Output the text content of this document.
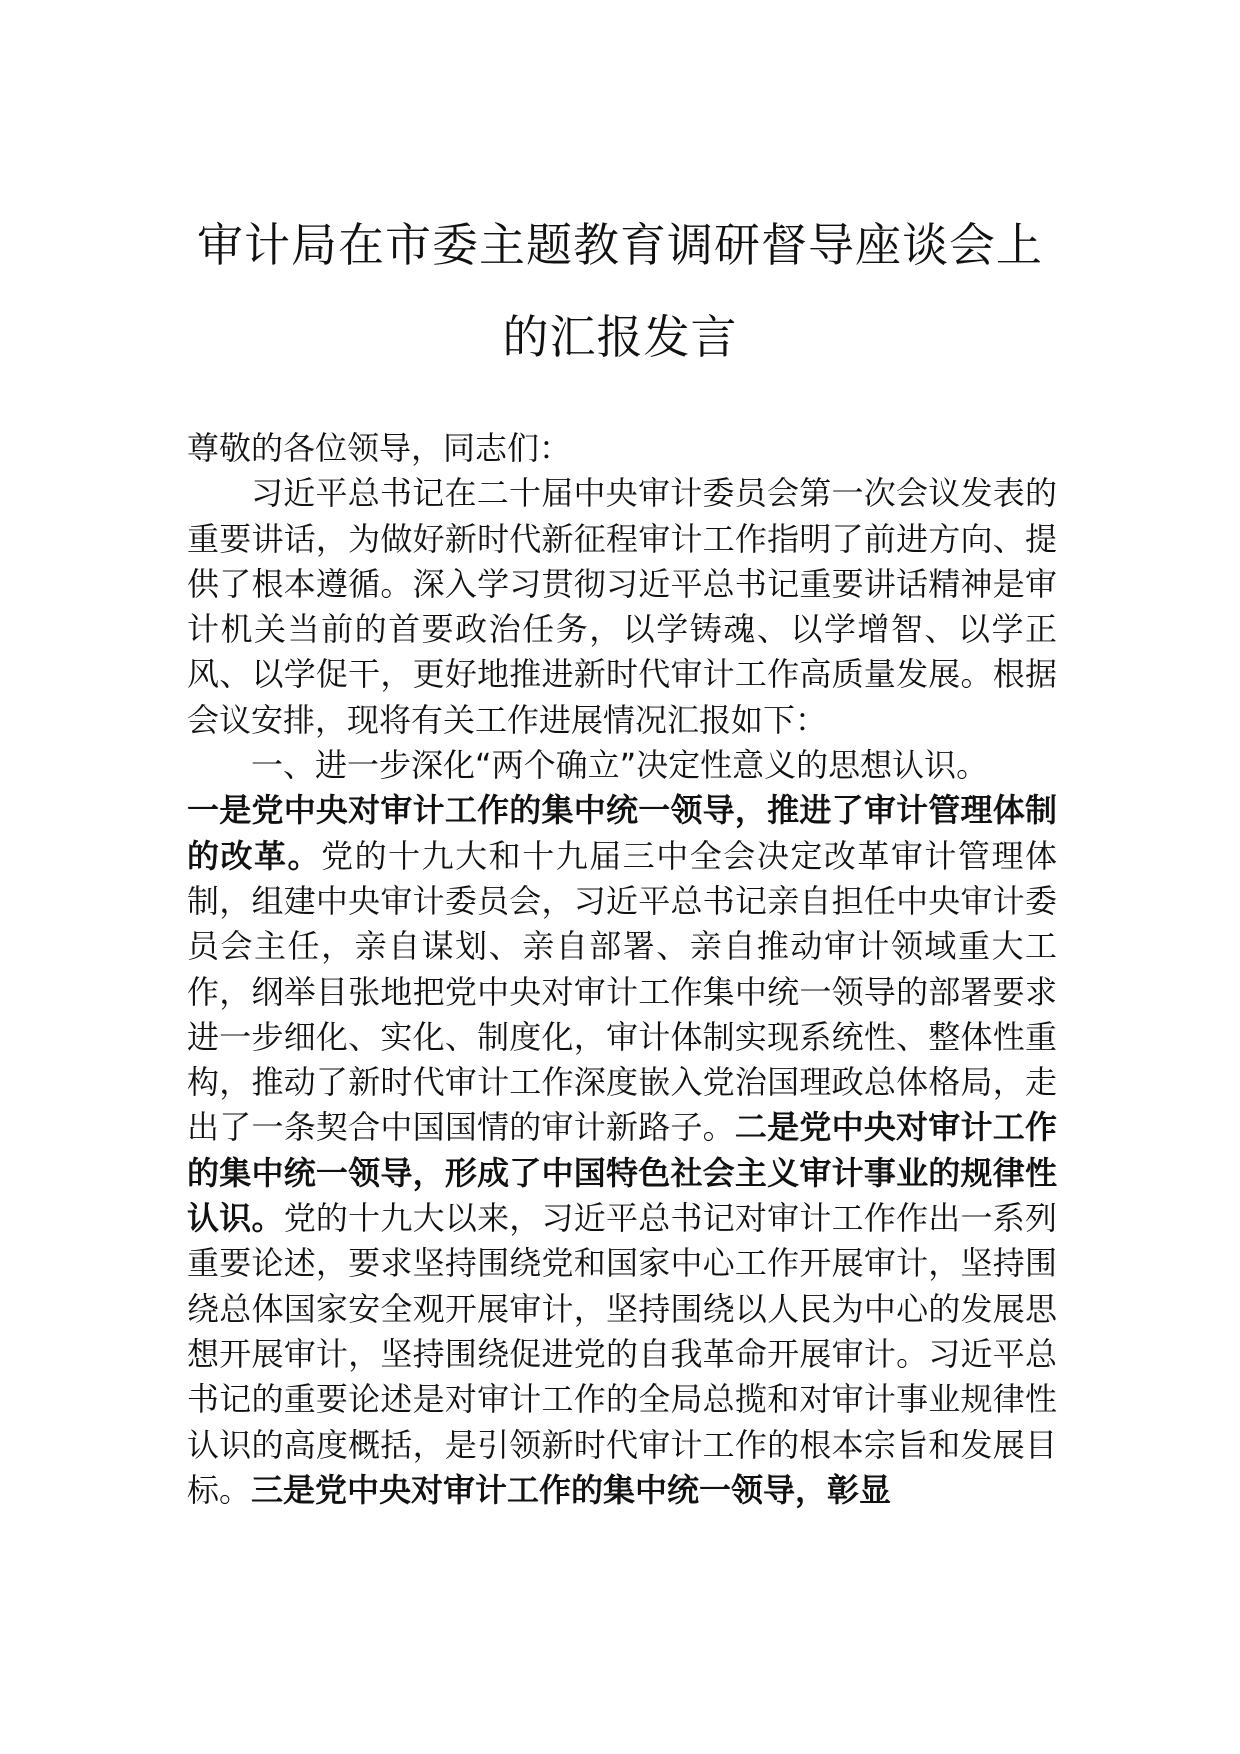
审计局在市委主题教育调研督导座谈会上
的汇报发言

尊敬的各位领导，同志们：

习近平总书记在二十届中央审计委员会第一次会议发表的重要讲话，为做好新时代新征程审计工作指明了前进方向、提供了根本遵循。深入学习贯彻习近平总书记重要讲话精神是审计机关当前的首要政治任务，以学铸魂、以学增智、以学正风、以学促干，更好地推进新时代审计工作高质量发展。根据会议安排，现将有关工作进展情况汇报如下：

一、进一步深化“两个确立”决定性意义的思想认识。

一是党中央对审计工作的集中统一领导，推进了审计管理体制的改革。党的十九大和十九届三中全会决定改革审计管理体制，组建中央审计委员会，习近平总书记亲自担任中央审计委员会主任，亲自谋划、亲自部署、亲自推动审计领域重大工作，纲举目张地把党中央对审计工作集中统一领导的部署要求进一步细化、实化、制度化，审计体制实现系统性、整体性重构，推动了新时代审计工作深度嵌入党治国理政总体格局，走出了一条契合中国国情的审计新路子。二是党中央对审计工作的集中统一领导，形成了中国特色社会主义审计事业的规律性认识。党的十九大以来，习近平总书记对审计工作作出一系列重要论述，要求坚持围绕党和国家中心工作开展审计，坚持围绕总体国家安全观开展审计，坚持围绕以人民为中心的发展思想开展审计，坚持围绕促进党的自我革命开展审计。习近平总书记的重要论述是对审计工作的全局总揽和对审计事业规律性认识的高度概括，是引领新时代审计工作的根本宗旨和发展目标。三是党中央对审计工作的集中统一领导，彰显
